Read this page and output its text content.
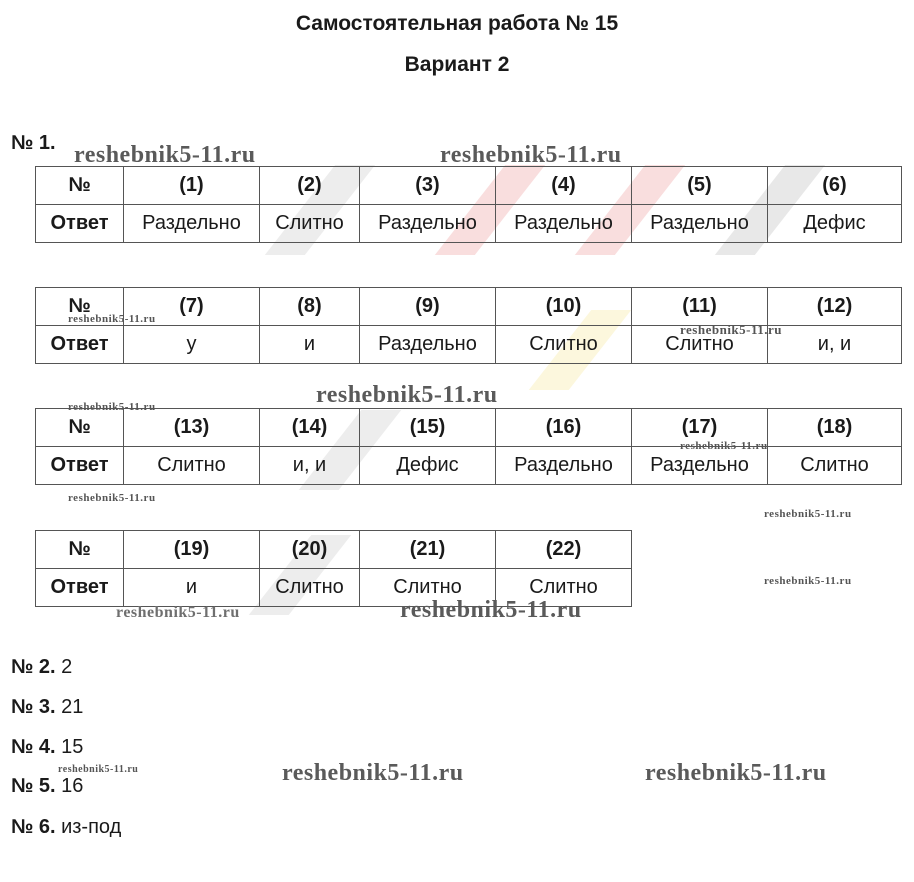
Самостоятельная работа № 15
Вариант 2
№ 1.
№	(1)	(2)	(3)	(4)	(5)	(6)
Ответ	Раздельно	Слитно	Раздельно	Раздельно	Раздельно	Дефис
№	(7)	(8)	(9)	(10)	(11)	(12)
Ответ	у	и	Раздельно	Слитно	Слитно	и, и
№	(13)	(14)	(15)	(16)	(17)	(18)
Ответ	Слитно	и, и	Дефис	Раздельно	Раздельно	Слитно
№	(19)	(20)	(21)	(22)
Ответ	и	Слитно	Слитно	Слитно
№ 2. 2
№ 3. 21
№ 4. 15
№ 5. 16
№ 6. из-под
reshebnik5-11.ru	reshebnik5-11.ru
reshebnik5-11.ru
reshebnik5-11.ru
reshebnik5-11.ru
reshebnik5-11.ru
reshebnik5-11.ru
reshebnik5-11.ru
reshebnik5-11.ru
reshebnik5-11.ru
reshebnik5-11.ru	reshebnik5-11.ru
reshebnik5-11.ru	reshebnik5-11.ru	reshebnik5-11.ru
